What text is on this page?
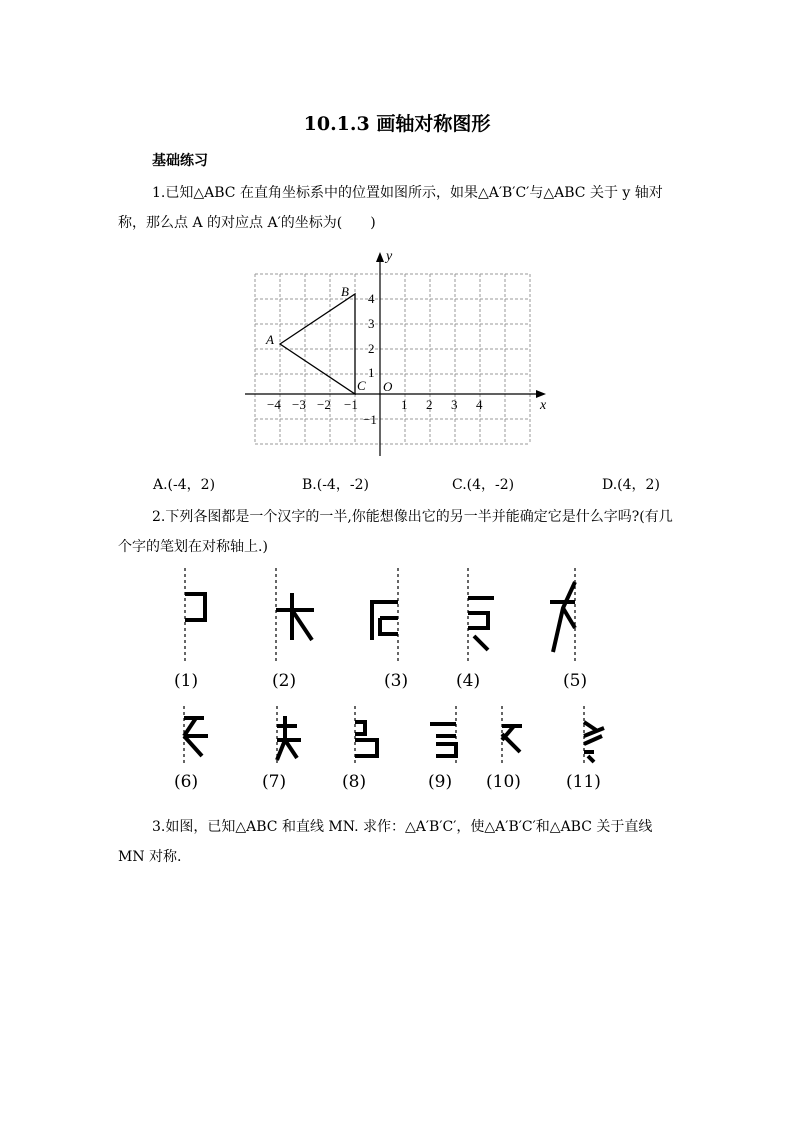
10.1.3 画轴对称图形
基础练习
1.已知△ABC 在直角坐标系中的位置如图所示，如果△A′B′C′与△ABC 关于 y 轴对称，那么点 A 的对应点 A′的坐标为(　　)
x
y
O
−4 −3 −2 −1	1 2 3 4
4
3
2
1
−1
A
B
C
A.(-4，2)	B.(-4，-2)	C.(4，-2)	D.(4，2)
2.下列各图都是一个汉字的一半,你能想像出它的另一半并能确定它是什么字吗?(有几个字的笔划在对称轴上.)
(1)	(2)	(3)	(4)	(5)
(6)	(7)	(8)	(9) (10)	(11)
3.如图，已知△ABC 和直线 MN. 求作：△A′B′C′，使△A′B′C′和△ABC 关于直线 MN 对称.
